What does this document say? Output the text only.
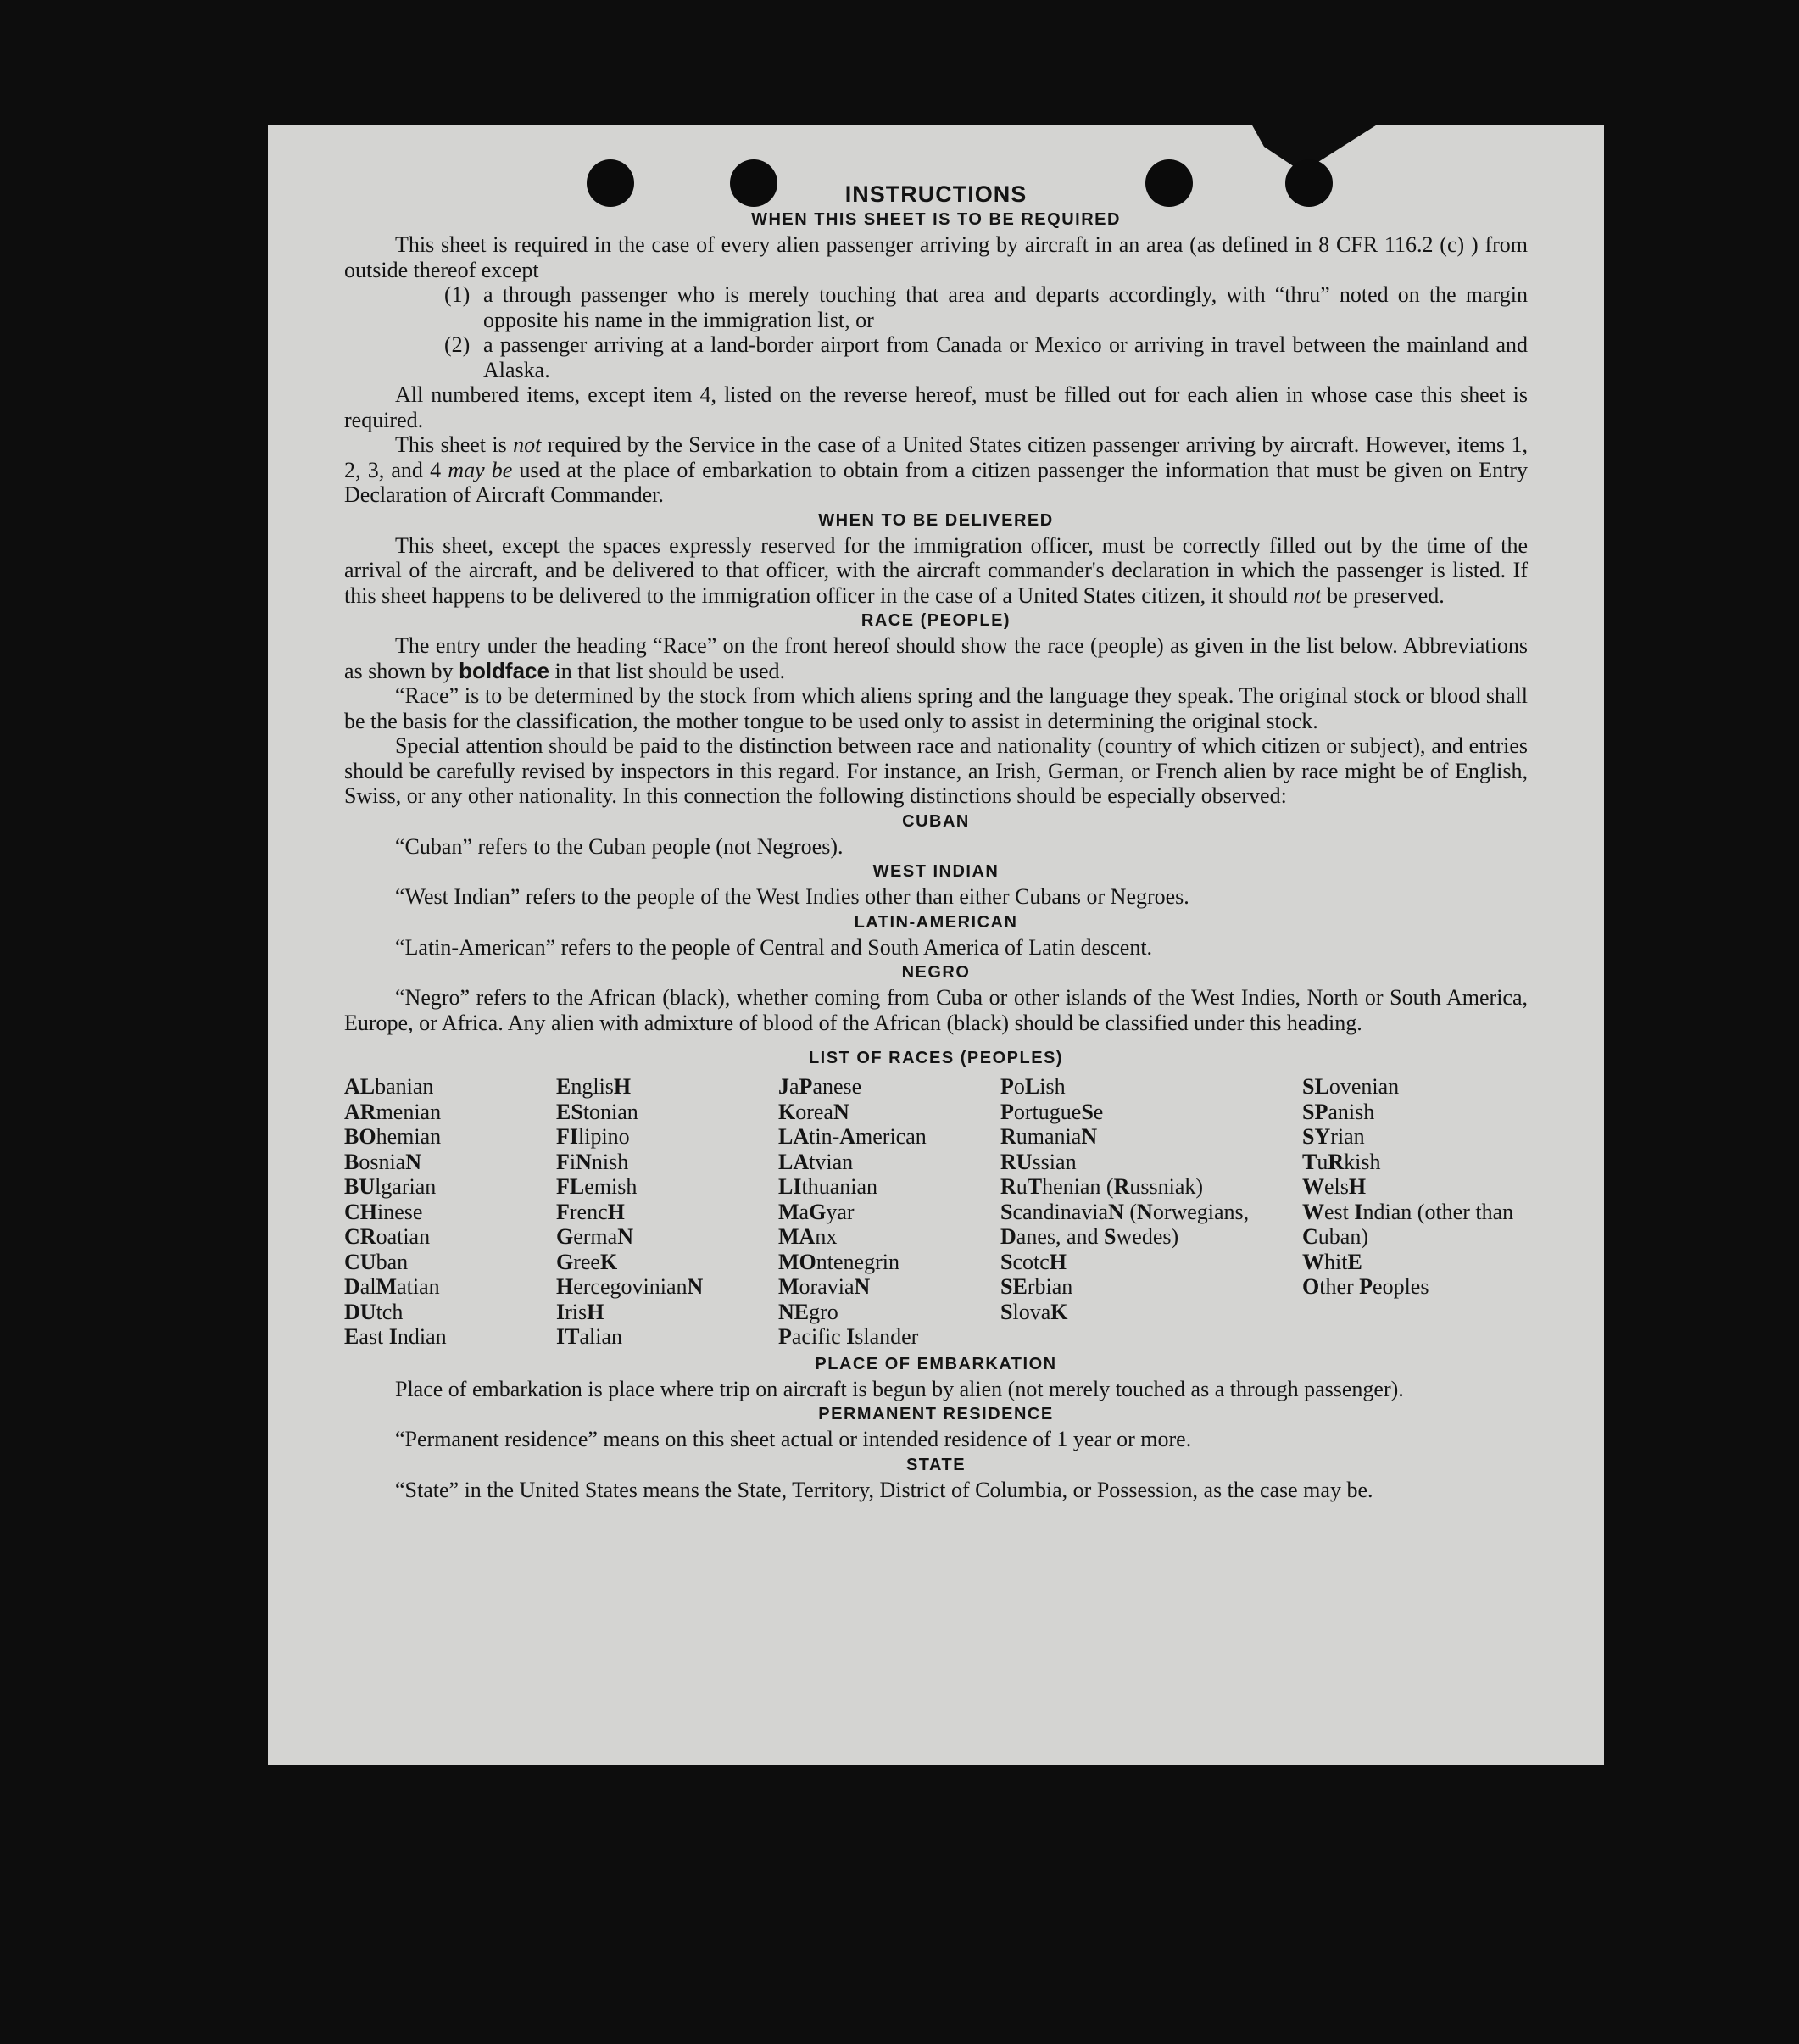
INSTRUCTIONS
WHEN THIS SHEET IS TO BE REQUIRED

This sheet is required in the case of every alien passenger arriving by aircraft in an area (as defined in 8 CFR 116.2 (c) ) from outside thereof except

(1) a through passenger who is merely touching that area and departs accordingly, with “thru” noted on the margin opposite his name in the immigration list, or
(2) a passenger arriving at a land-border airport from Canada or Mexico or arriving in travel between the mainland and Alaska.

All numbered items, except item 4, listed on the reverse hereof, must be filled out for each alien in whose case this sheet is required.

This sheet is not required by the Service in the case of a United States citizen passenger arriving by aircraft. However, items 1, 2, 3, and 4 may be used at the place of embarkation to obtain from a citizen passenger the information that must be given on Entry Declaration of Aircraft Commander.

WHEN TO BE DELIVERED

This sheet, except the spaces expressly reserved for the immigration officer, must be correctly filled out by the time of the arrival of the aircraft, and be delivered to that officer, with the aircraft commander's declaration in which the passenger is listed. If this sheet happens to be delivered to the immigration officer in the case of a United States citizen, it should not be preserved.

RACE (PEOPLE)

The entry under the heading “Race” on the front hereof should show the race (people) as given in the list below. Abbreviations as shown by boldface in that list should be used.

“Race” is to be determined by the stock from which aliens spring and the language they speak. The original stock or blood shall be the basis for the classification, the mother tongue to be used only to assist in determining the original stock.

Special attention should be paid to the distinction between race and nationality (country of which citizen or subject), and entries should be carefully revised by inspectors in this regard. For instance, an Irish, German, or French alien by race might be of English, Swiss, or any other nationality. In this connection the following distinctions should be especially observed:

CUBAN

“Cuban” refers to the Cuban people (not Negroes).

WEST INDIAN

“West Indian” refers to the people of the West Indies other than either Cubans or Negroes.

LATIN-AMERICAN

“Latin-American” refers to the people of Central and South America of Latin descent.

NEGRO

“Negro” refers to the African (black), whether coming from Cuba or other islands of the West Indies, North or South America, Europe, or Africa. Any alien with admixture of blood of the African (black) should be classified under this heading.

LIST OF RACES (PEOPLES)
ALbanian
ARmenian
BOhemian
BosniaN
BUlgarian
CHinese
CRoatian
CUban
DalMatian
DUtch
East Indian
EnglisH
EStonian
FIlipino
FiNnish
FLemish
FrencH
GermaN
GreeK
HercegovinianN
IrisH
ITalian
JaPanese
KoreaN
LAtin-American
LAtvian
LIthuanian
MaGyar
MAnx
MOntenegrin
MoraviaN
NEgro
Pacific Islander
PoLish
PortugueSe
RumaniaN
RUssian
RuThenian (Russniak)
ScandinaviaN (Norwegians, Danes, and Swedes)
ScotcH
SErbian
SlovaK
SLovenian
SPanish
SYrian
TuRkish
WelsH
West Indian (other than Cuban)
WhitE
Other Peoples
PLACE OF EMBARKATION

Place of embarkation is place where trip on aircraft is begun by alien (not merely touched as a through passenger).

PERMANENT RESIDENCE

“Permanent residence” means on this sheet actual or intended residence of 1 year or more.

STATE

“State” in the United States means the State, Territory, District of Columbia, or Possession, as the case may be.
